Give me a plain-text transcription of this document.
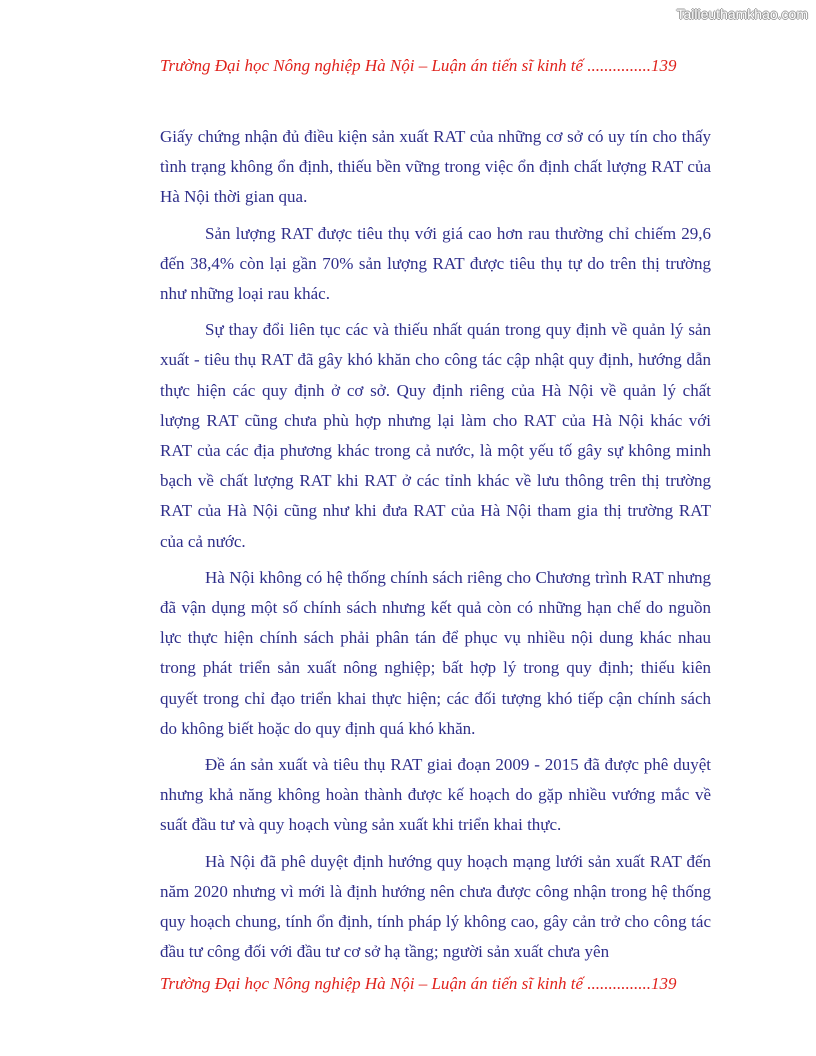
Tailieuthamkhao.com
Trường Đại học Nông nghiệp Hà Nội – Luận án tiến sĩ kinh tế ...............139

Giấy chứng nhận đủ điều kiện sản xuất RAT của những cơ sở có uy tín cho thấy tình trạng không ổn định, thiếu bền vững trong việc ổn định chất lượng RAT của Hà Nội thời gian qua.

Sản lượng RAT được tiêu thụ với giá cao hơn rau thường chỉ chiếm 29,6 đến 38,4% còn lại gần 70% sản lượng RAT được tiêu thụ tự do trên thị trường như những loại rau khác.

Sự thay đổi liên tục các và thiếu nhất quán trong quy định về quản lý sản xuất - tiêu thụ RAT đã gây khó khăn cho công tác cập nhật quy định, hướng dẫn thực hiện các quy định ở cơ sở. Quy định riêng của Hà Nội về quản lý chất lượng RAT cũng chưa phù hợp nhưng lại làm cho RAT của Hà Nội khác với RAT của các địa phương khác trong cả nước, là một yếu tố gây sự không minh bạch về chất lượng RAT khi RAT ở các tỉnh khác về lưu thông trên thị trường RAT của Hà Nội cũng như khi đưa RAT của Hà Nội tham gia thị trường RAT của cả nước.

Hà Nội không có hệ thống chính sách riêng cho Chương trình RAT nhưng đã vận dụng một số chính sách nhưng kết quả còn có những hạn chế do nguồn lực thực hiện chính sách phải phân tán để phục vụ nhiều nội dung khác nhau trong phát triển sản xuất nông nghiệp; bất hợp lý trong quy định; thiếu kiên quyết trong chỉ đạo triển khai thực hiện; các đối tượng khó tiếp cận chính sách do không biết hoặc do quy định quá khó khăn.

Đề án sản xuất và tiêu thụ RAT giai đoạn 2009 - 2015 đã được phê duyệt nhưng khả năng không hoàn thành được kế hoạch do gặp nhiều vướng mắc về suất đầu tư và quy hoạch vùng sản xuất khi triển khai thực.

Hà Nội đã phê duyệt định hướng quy hoạch mạng lưới sản xuất RAT đến năm 2020 nhưng vì mới là định hướng nên chưa được công nhận trong hệ thống quy hoạch chung, tính ổn định, tính pháp lý không cao, gây cản trở cho công tác đầu tư công đối với đầu tư cơ sở hạ tầng; người sản xuất chưa yên

Trường Đại học Nông nghiệp Hà Nội – Luận án tiến sĩ kinh tế ...............139
